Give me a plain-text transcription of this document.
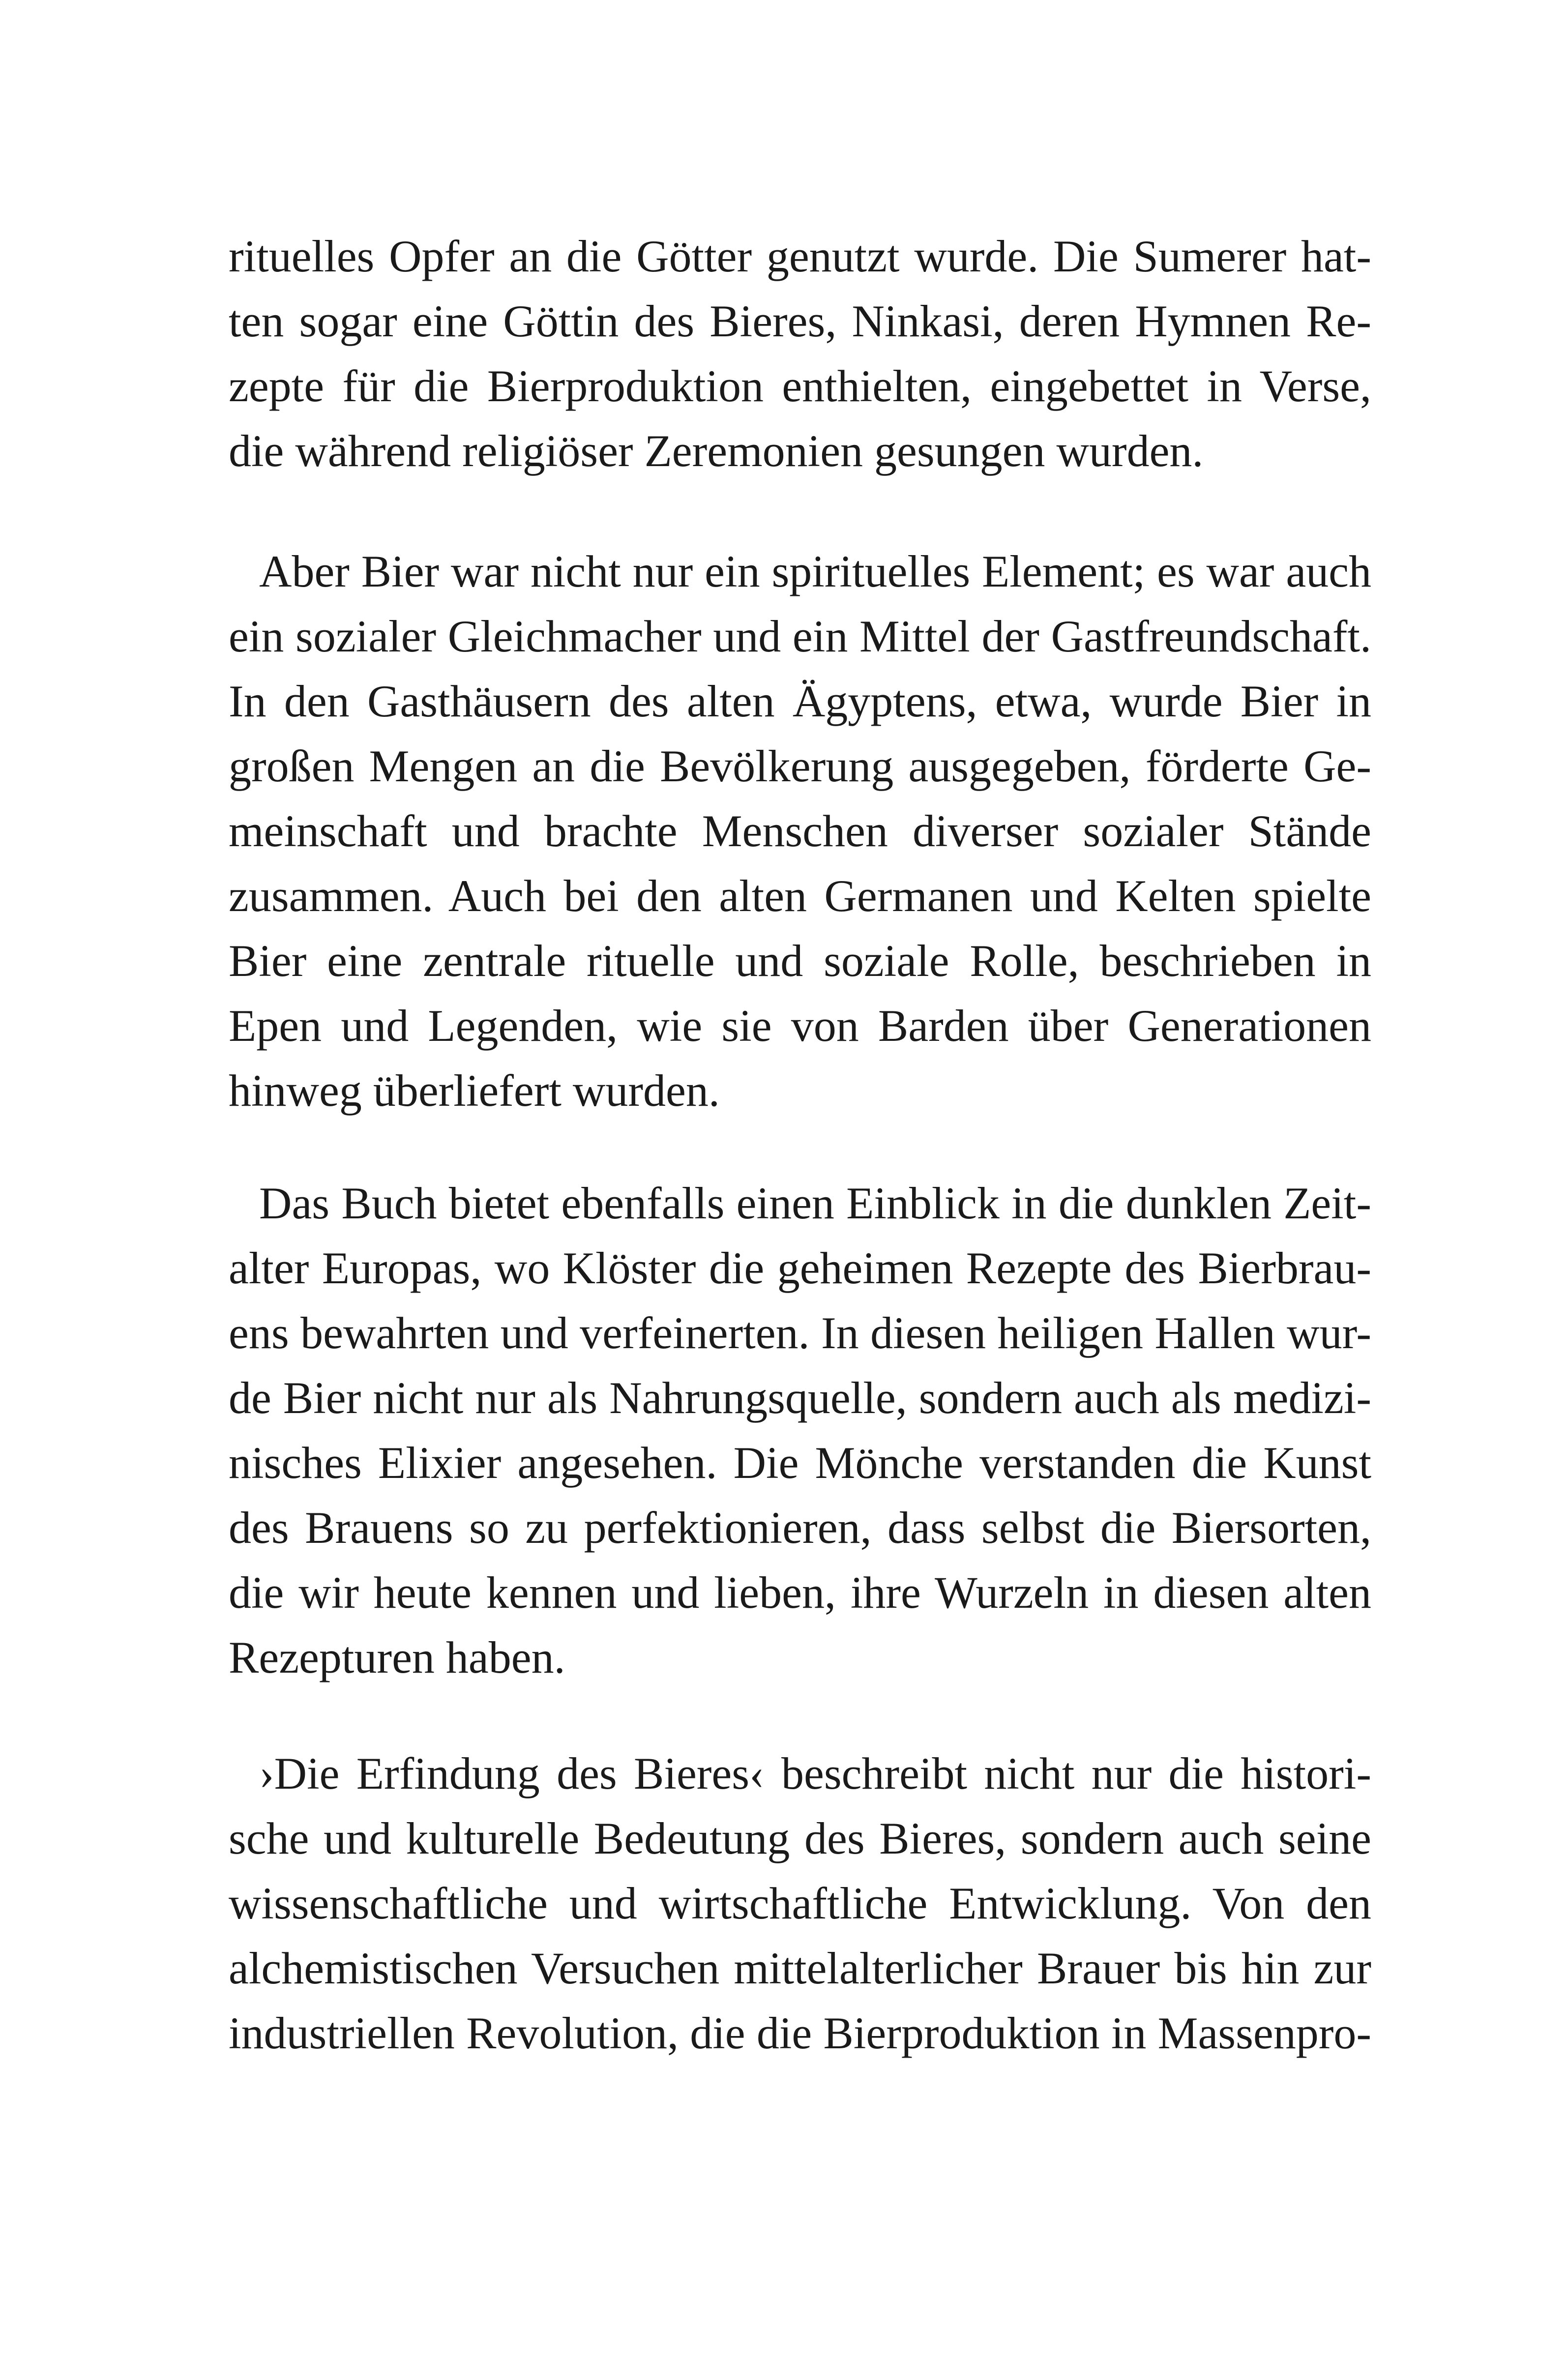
rituelles Opfer an die Götter genutzt wurde. Die Sumerer hat-
ten sogar eine Göttin des Bieres, Ninkasi, deren Hymnen Re-
zepte für die Bierproduktion enthielten, eingebettet in Verse,
die während religiöser Zeremonien gesungen wurden.
Aber Bier war nicht nur ein spirituelles Element; es war auch
ein sozialer Gleichmacher und ein Mittel der Gastfreundschaft.
In den Gasthäusern des alten Ägyptens, etwa, wurde Bier in
großen Mengen an die Bevölkerung ausgegeben, förderte Ge-
meinschaft und brachte Menschen diverser sozialer Stände
zusammen. Auch bei den alten Germanen und Kelten spielte
Bier eine zentrale rituelle und soziale Rolle, beschrieben in
Epen und Legenden, wie sie von Barden über Generationen
hinweg überliefert wurden.
Das Buch bietet ebenfalls einen Einblick in die dunklen Zeit-
alter Europas, wo Klöster die geheimen Rezepte des Bierbrau-
ens bewahrten und verfeinerten. In diesen heiligen Hallen wur-
de Bier nicht nur als Nahrungsquelle, sondern auch als medizi-
nisches Elixier angesehen. Die Mönche verstanden die Kunst
des Brauens so zu perfektionieren, dass selbst die Biersorten,
die wir heute kennen und lieben, ihre Wurzeln in diesen alten
Rezepturen haben.
›Die Erfindung des Bieres‹ beschreibt nicht nur die histori-
sche und kulturelle Bedeutung des Bieres, sondern auch seine
wissenschaftliche und wirtschaftliche Entwicklung. Von den
alchemistischen Versuchen mittelalterlicher Brauer bis hin zur
industriellen Revolution, die die Bierproduktion in Massenpro-
